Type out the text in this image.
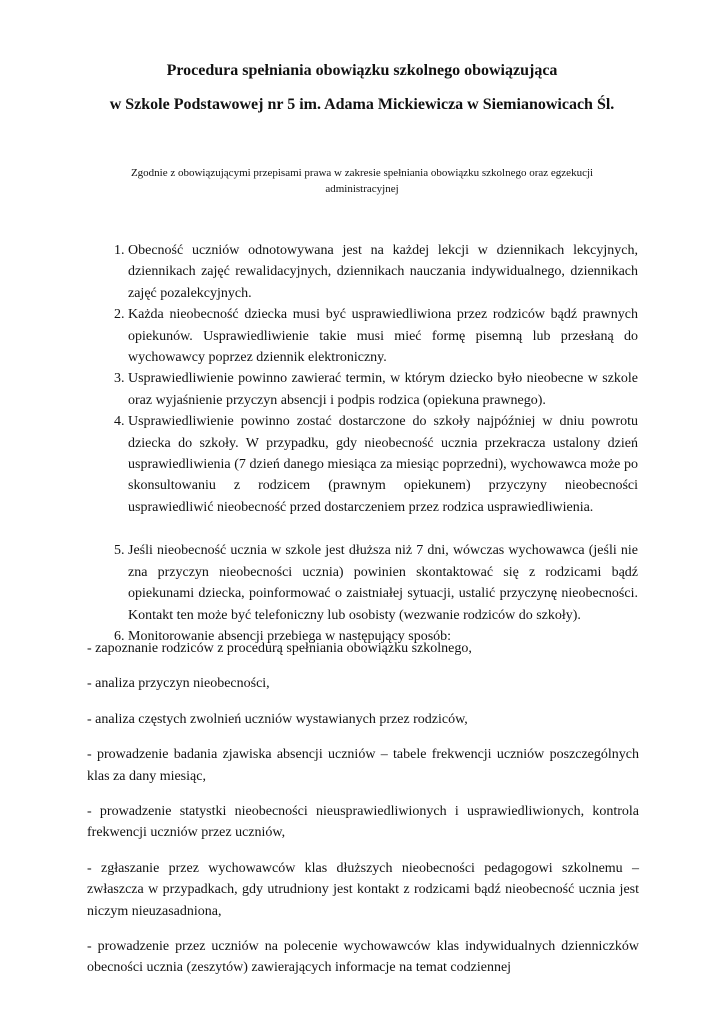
Procedura spełniania obowiązku szkolnego obowiązująca
w Szkole Podstawowej nr 5 im. Adama Mickiewicza w Siemianowicach Śl.

Zgodnie z obowiązującymi przepisami prawa w zakresie spełniania obowiązku szkolnego oraz egzekucji administracyjnej

1. Obecność uczniów odnotowywana jest na każdej lekcji w dziennikach lekcyjnych, dziennikach zajęć rewalidacyjnych, dziennikach nauczania indywidualnego, dziennikach zajęć pozalekcyjnych.
2. Każda nieobecność dziecka musi być usprawiedliwiona przez rodziców bądź prawnych opiekunów. Usprawiedliwienie takie musi mieć formę pisemną lub przesłaną do wychowawcy poprzez dziennik elektroniczny.
3. Usprawiedliwienie powinno zawierać termin, w którym dziecko było nieobecne w szkole oraz wyjaśnienie przyczyn absencji i podpis rodzica (opiekuna prawnego).
4. Usprawiedliwienie powinno zostać dostarczone do szkoły najpóźniej w dniu powrotu dziecka do szkoły. W przypadku, gdy nieobecność ucznia przekracza ustalony dzień usprawiedliwienia (7 dzień danego miesiąca za miesiąc poprzedni), wychowawca może po skonsultowaniu z rodzicem (prawnym opiekunem) przyczyny nieobecności usprawiedliwić nieobecność przed dostarczeniem przez rodzica usprawiedliwienia.
5. Jeśli nieobecność ucznia w szkole jest dłuższa niż 7 dni, wówczas wychowawca (jeśli nie zna przyczyn nieobecności ucznia) powinien skontaktować się z rodzicami bądź opiekunami dziecka, poinformować o zaistniałej sytuacji, ustalić przyczynę nieobecności. Kontakt ten może być telefoniczny lub osobisty (wezwanie rodziców do szkoły).
6. Monitorowanie absencji przebiega w następujący sposób:

- zapoznanie rodziców z procedurą spełniania obowiązku szkolnego,

- analiza przyczyn nieobecności,

- analiza częstych zwolnień uczniów wystawianych przez rodziców,

- prowadzenie badania zjawiska absencji uczniów – tabele frekwencji uczniów poszczególnych klas za dany miesiąc,

- prowadzenie statystki nieobecności nieusprawiedliwionych i usprawiedliwionych, kontrola frekwencji uczniów przez uczniów,

- zgłaszanie przez wychowawców klas dłuższych nieobecności pedagogowi szkolnemu – zwłaszcza w przypadkach, gdy utrudniony jest kontakt z rodzicami bądź nieobecność ucznia jest niczym nieuzasadniona,

- prowadzenie przez uczniów na polecenie wychowawców klas indywidualnych dzienniczków obecności ucznia (zeszytów) zawierających informacje na temat codziennej
